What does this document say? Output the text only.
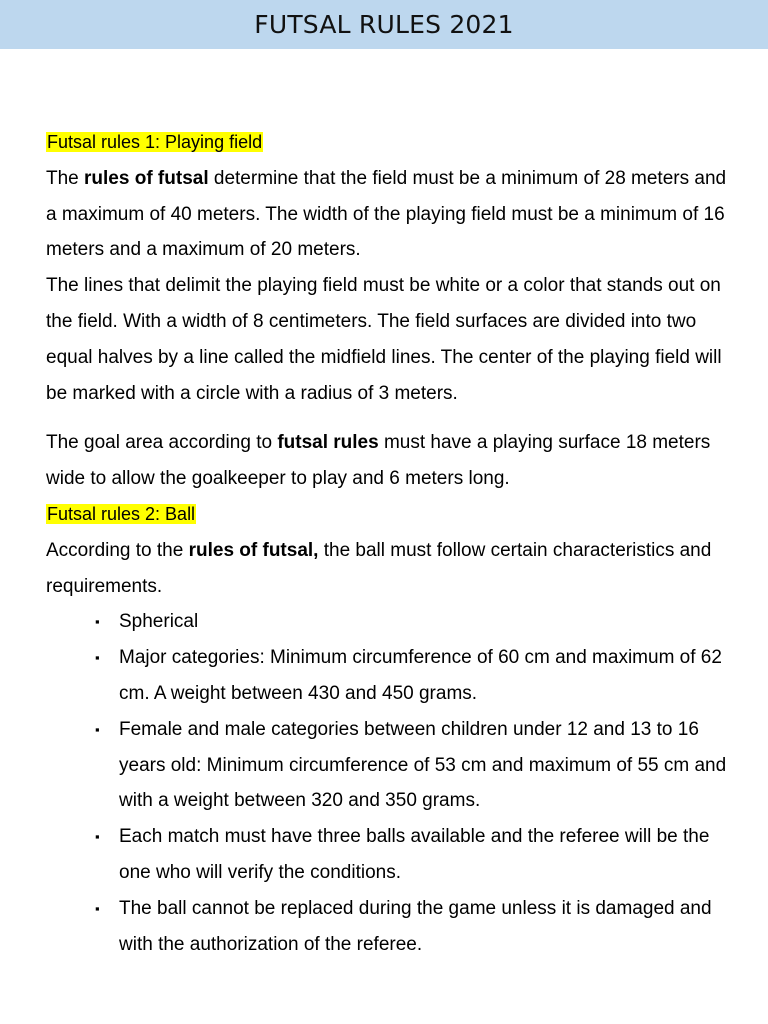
FUTSAL RULES 2021

Futsal rules 1: Playing field

The rules of futsal determine that the field must be a minimum of 28 meters and a maximum of 40 meters. The width of the playing field must be a minimum of 16 meters and a maximum of 20 meters.

The lines that delimit the playing field must be white or a color that stands out on the field. With a width of 8 centimeters. The field surfaces are divided into two equal halves by a line called the midfield lines. The center of the playing field will be marked with a circle with a radius of 3 meters.

The goal area according to futsal rules must have a playing surface 18 meters wide to allow the goalkeeper to play and 6 meters long.

Futsal rules 2: Ball

According to the rules of futsal, the ball must follow certain characteristics and requirements.

▪ Spherical
▪ Major categories: Minimum circumference of 60 cm and maximum of 62 cm. A weight between 430 and 450 grams.
▪ Female and male categories between children under 12 and 13 to 16 years old: Minimum circumference of 53 cm and maximum of 55 cm and with a weight between 320 and 350 grams.
▪ Each match must have three balls available and the referee will be the one who will verify the conditions.
▪ The ball cannot be replaced during the game unless it is damaged and with the authorization of the referee.
